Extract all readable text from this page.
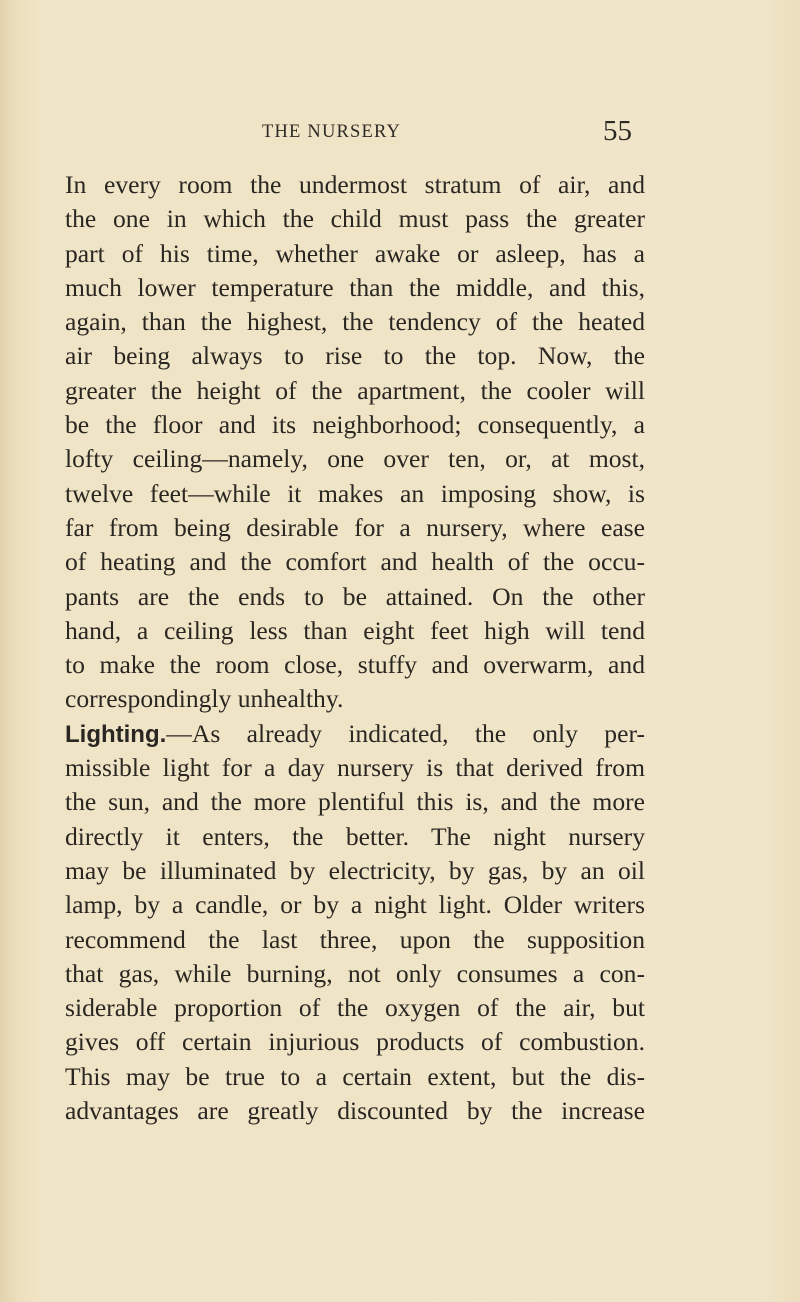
THE NURSERY	55
In every room the undermost stratum of air, and
the one in which the child must pass the greater
part of his time, whether awake or asleep, has a
much lower temperature than the middle, and this,
again, than the highest, the tendency of the heated
air being always to rise to the top. Now, the
greater the height of the apartment, the cooler will
be the floor and its neighborhood; consequently, a
lofty ceiling—namely, one over ten, or, at most,
twelve feet—while it makes an imposing show, is
far from being desirable for a nursery, where ease
of heating and the comfort and health of the occu-
pants are the ends to be attained. On the other
hand, a ceiling less than eight feet high will tend
to make the room close, stuffy and overwarm, and
correspondingly unhealthy.
Lighting.—As already indicated, the only per-
missible light for a day nursery is that derived from
the sun, and the more plentiful this is, and the more
directly it enters, the better. The night nursery
may be illuminated by electricity, by gas, by an oil
lamp, by a candle, or by a night light. Older writers
recommend the last three, upon the supposition
that gas, while burning, not only consumes a con-
siderable proportion of the oxygen of the air, but
gives off certain injurious products of combustion.
This may be true to a certain extent, but the dis-
advantages are greatly discounted by the increase
